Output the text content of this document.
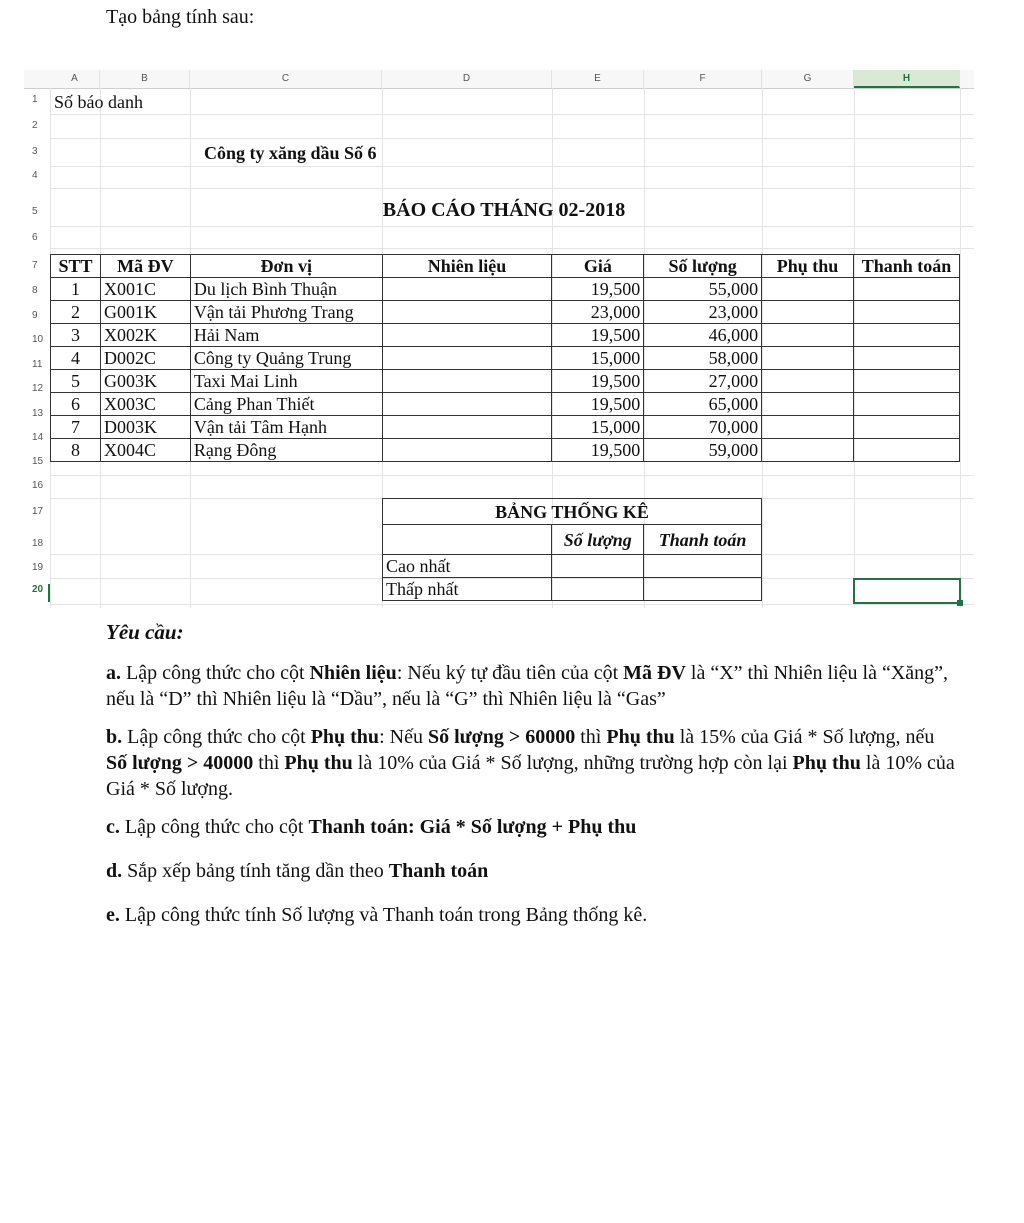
Tạo bảng tính sau:
A	B	C	D	E	F	G	H
1
2
3
4
5
6
7
8
9
10
11
12
13
14
15
16
17
18
19
20
Số báo danh
Công ty xăng dầu Số 6
BÁO CÁO THÁNG 02-2018
STT	Mã ĐV	Đơn vị	Nhiên liệu	Giá	Số lượng	Phụ thu	Thanh toán
1	X001C	Du lịch Bình Thuận		19,500	55,000		
2	G001K	Vận tải Phương Trang		23,000	23,000		
3	X002K	Hải Nam		19,500	46,000		
4	D002C	Công ty Quảng Trung		15,000	58,000		
5	G003K	Taxi Mai Linh		19,500	27,000		
6	X003C	Cảng Phan Thiết		19,500	65,000		
7	D003K	Vận tải Tâm Hạnh		15,000	70,000		
8	X004C	Rạng Đông		19,500	59,000		
BẢNG THỐNG KÊ		
	Số lượng	Thanh toán
Cao nhất		
Thấp nhất		
Yêu cầu:
a. Lập công thức cho cột Nhiên liệu: Nếu ký tự đầu tiên của cột Mã ĐV là “X” thì Nhiên liệu là “Xăng”, nếu là “D” thì Nhiên liệu là “Dầu”, nếu là “G” thì Nhiên liệu là “Gas”
b. Lập công thức cho cột Phụ thu: Nếu Số lượng > 60000 thì Phụ thu là 15% của Giá * Số lượng, nếu Số lượng > 40000 thì Phụ thu là 10% của Giá * Số lượng, những trường hợp còn lại Phụ thu là 10% của Giá * Số lượng.
c. Lập công thức cho cột Thanh toán: Giá * Số lượng + Phụ thu
d. Sắp xếp bảng tính tăng dần theo Thanh toán
e. Lập công thức tính Số lượng và Thanh toán trong Bảng thống kê.
